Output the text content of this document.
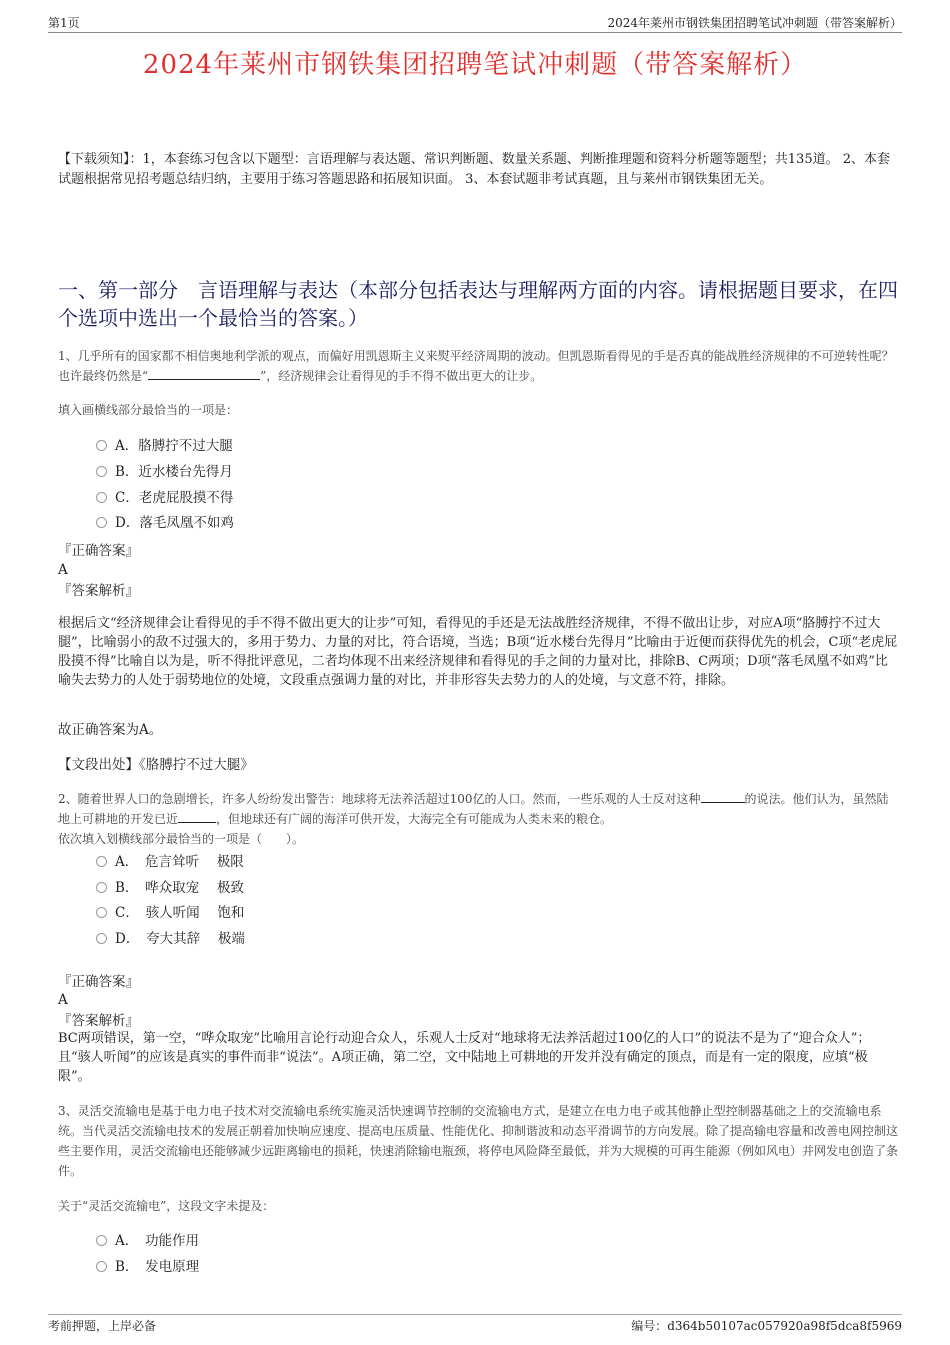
第1页	2024年莱州市钢铁集团招聘笔试冲刺题（带答案解析）
2024年莱州市钢铁集团招聘笔试冲刺题（带答案解析）
【下载须知】：1，本套练习包含以下题型：言语理解与表达题、常识判断题、数量关系题、判断推理题和资料分析题等题型；共135道。 2、本套试题根据常见招考题总结归纳，主要用于练习答题思路和拓展知识面。 3、本套试题非考试真题，且与莱州市钢铁集团无关。
一、第一部分　言语理解与表达（本部分包括表达与理解两方面的内容。请根据题目要求，在四个选项中选出一个最恰当的答案。）
1、几乎所有的国家都不相信奥地利学派的观点，而偏好用凯恩斯主义来熨平经济周期的波动。但凯恩斯看得见的手是否真的能战胜经济规律的不可逆转性呢？也许最终仍然是“	”，经济规律会让看得见的手不得不做出更大的让步。
填入画横线部分最恰当的一项是：
A．胳膊拧不过大腿
B．近水楼台先得月
C．老虎屁股摸不得
D．落毛凤凰不如鸡
『正确答案』
A
『答案解析』
根据后文“经济规律会让看得见的手不得不做出更大的让步”可知，看得见的手还是无法战胜经济规律，不得不做出让步，对应A项“胳膊拧不过大腿”，比喻弱小的敌不过强大的，多用于势力、力量的对比，符合语境，当选；B项“近水楼台先得月”比喻由于近便而获得优先的机会，C项“老虎屁股摸不得”比喻自以为是，听不得批评意见，二者均体现不出来经济规律和看得见的手之间的力量对比，排除B、C两项；D项“落毛凤凰不如鸡”比喻失去势力的人处于弱势地位的处境，文段重点强调力量的对比，并非形容失去势力的人的处境，与文意不符，排除。
故正确答案为A。
【文段出处】《胳膊拧不过大腿》
2、随着世界人口的急剧增长，许多人纷纷发出警告：地球将无法养活超过100亿的人口。然而，一些乐观的人士反对这种	的说法。他们认为，虽然陆地上可耕地的开发已近	，但地球还有广阔的海洋可供开发，大海完全有可能成为人类未来的粮仓。
依次填入划横线部分最恰当的一项是（　　）。
A．　危言耸听　 极限
B．　哗众取宠　 极致
C．　骇人听闻　 饱和
D．　夸大其辞　 极端
『正确答案』
A
『答案解析』
BC两项错误，第一空，“哗众取宠”比喻用言论行动迎合众人，乐观人士反对“地球将无法养活超过100亿的人口”的说法不是为了“迎合众人”；且“骇人听闻”的应该是真实的事件而非“说法”。A项正确，第二空，文中陆地上可耕地的开发并没有确定的顶点，而是有一定的限度，应填“极限”。
3、灵活交流输电是基于电力电子技术对交流输电系统实施灵活快速调节控制的交流输电方式，是建立在电力电子或其他静止型控制器基础之上的交流输电系统。当代灵活交流输电技术的发展正朝着加快响应速度、提高电压质量、性能优化、抑制谐波和动态平滑调节的方向发展。除了提高输电容量和改善电网控制这些主要作用，灵活交流输电还能够减少远距离输电的损耗，快速消除输电瓶颈，将停电风险降至最低，并为大规模的可再生能源（例如风电）并网发电创造了条件。
关于“灵活交流输电”，这段文字未提及：
A．　功能作用
B．　发电原理
考前押题，上岸必备	编号：d364b50107ac057920a98f5dca8f5969
